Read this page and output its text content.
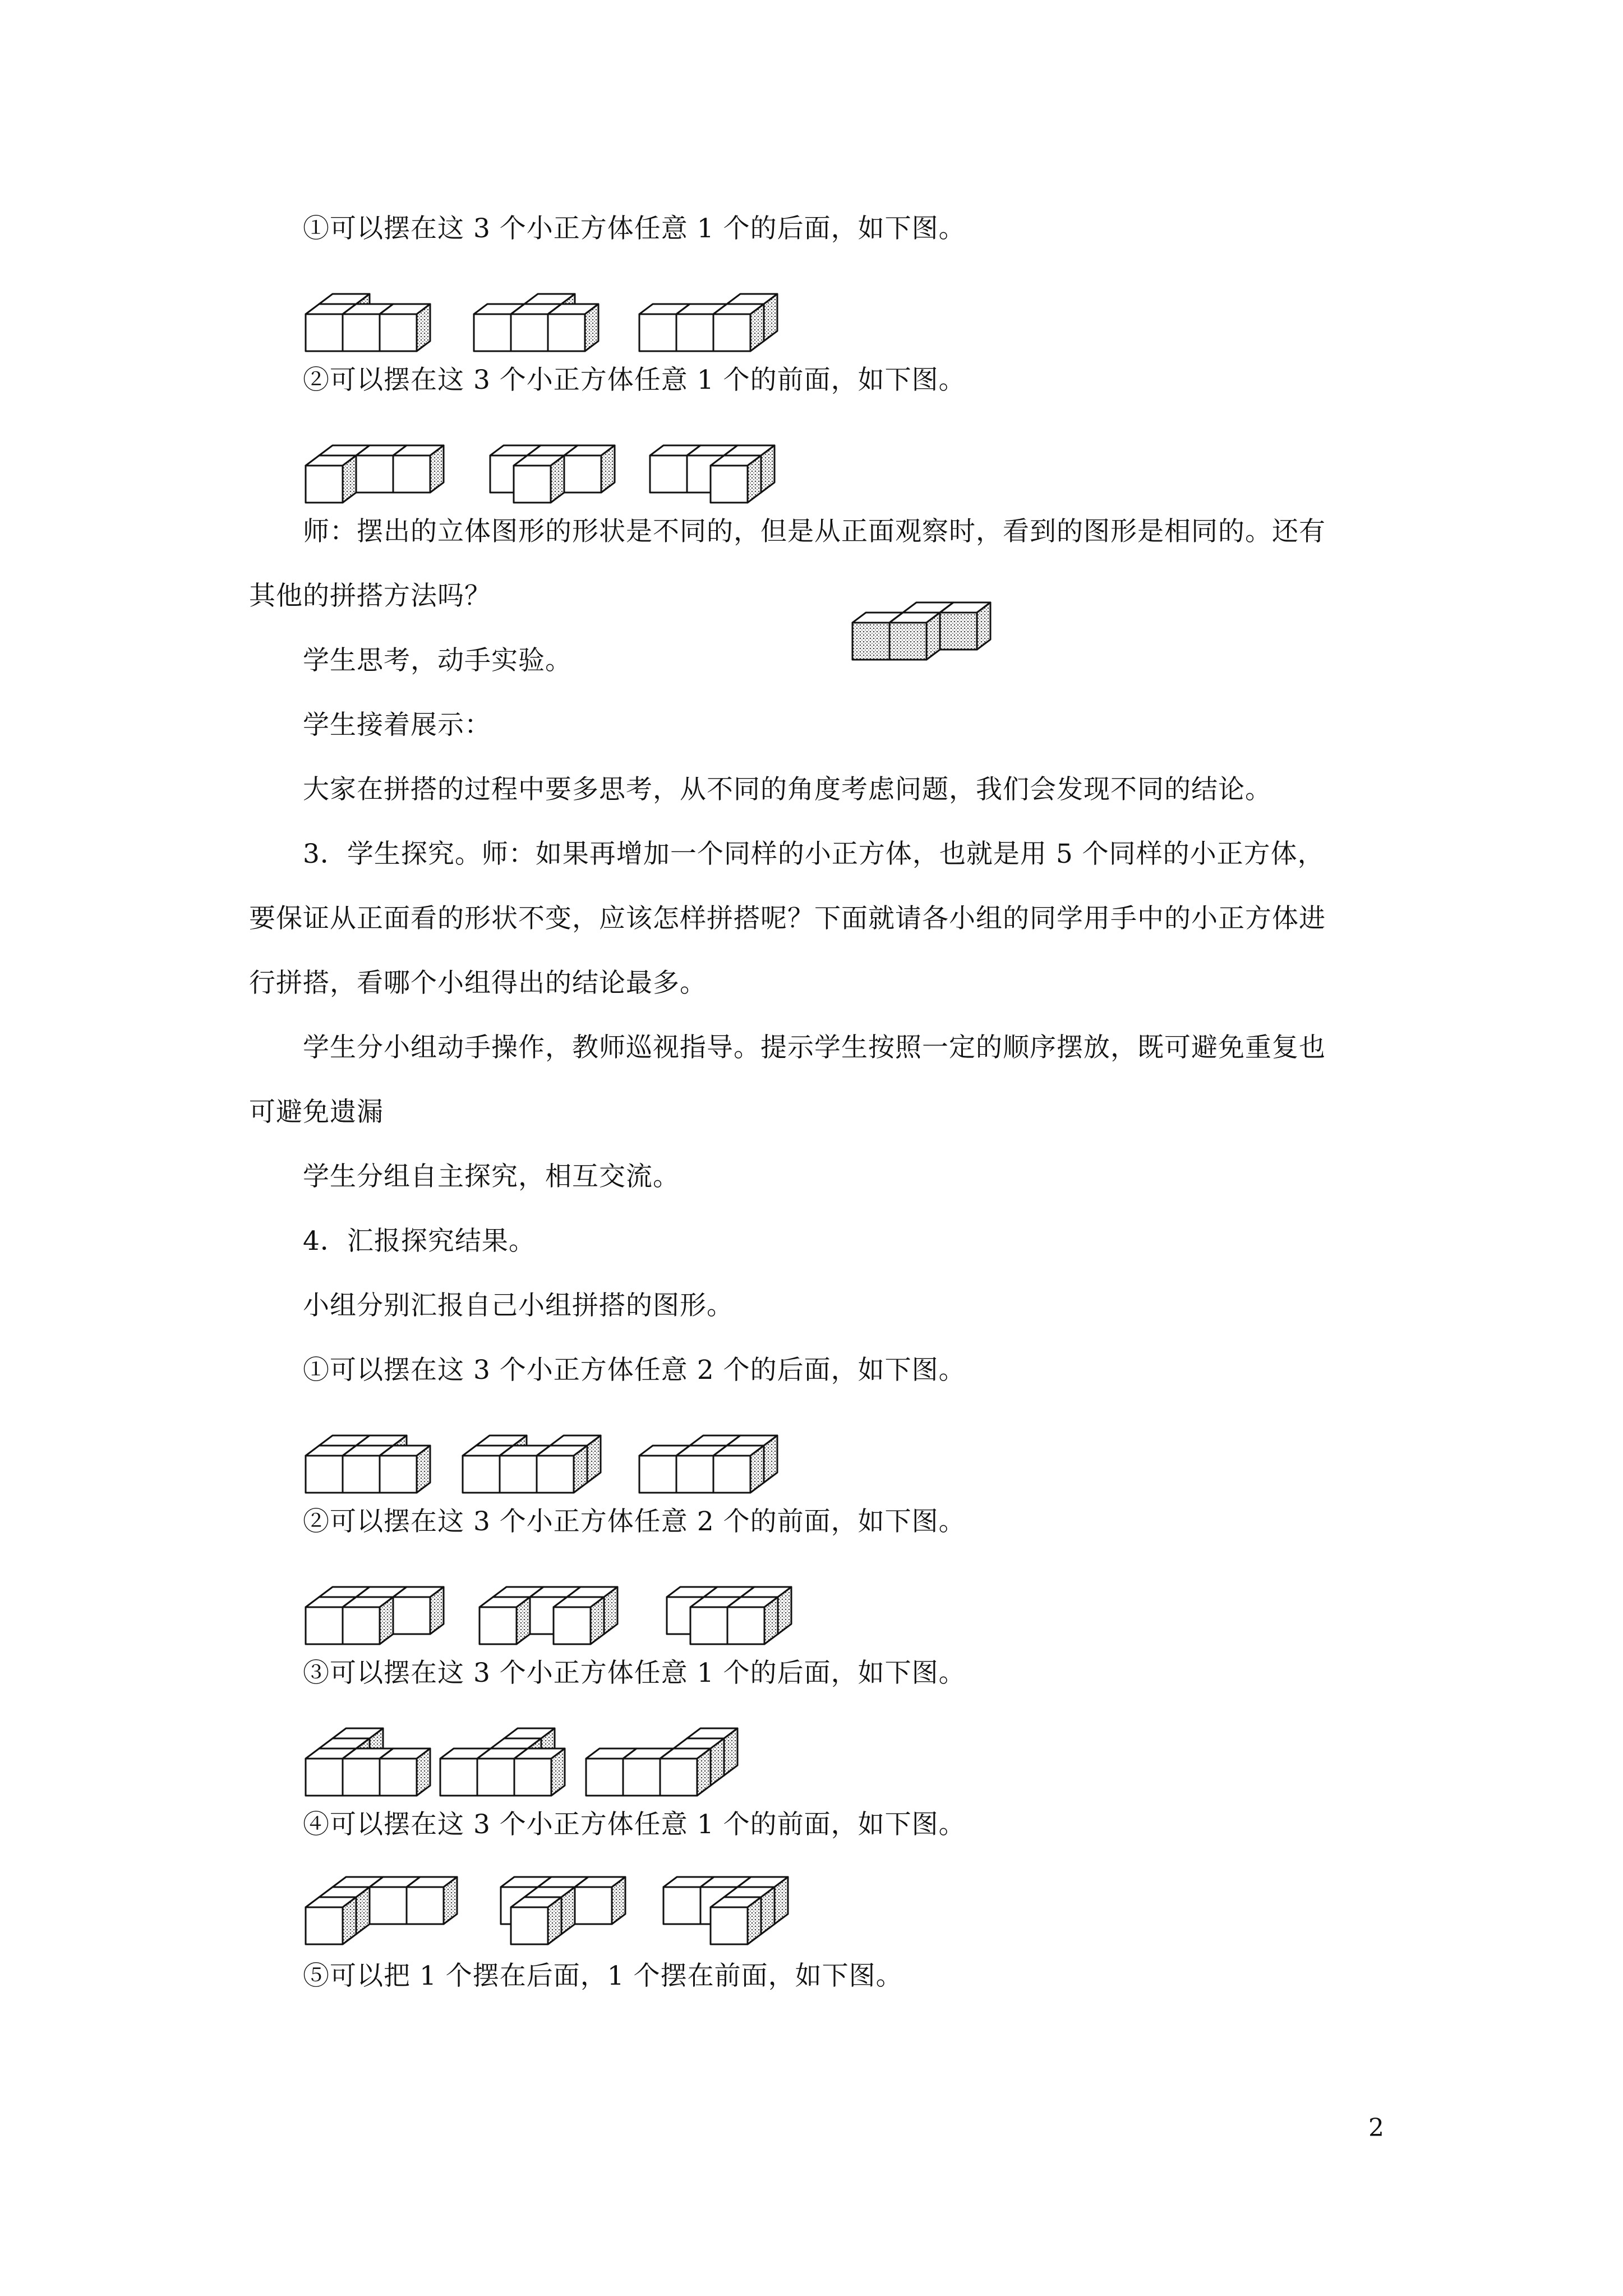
①可以摆在这 3 个小正方体任意 1 个的后面，如下图。
②可以摆在这 3 个小正方体任意 1 个的前面，如下图。
师：摆出的立体图形的形状是不同的，但是从正面观察时，看到的图形是相同的。还有
其他的拼搭方法吗？
学生思考，动手实验。
学生接着展示：
大家在拼搭的过程中要多思考，从不同的角度考虑问题，我们会发现不同的结论。
3．学生探究。师：如果再增加一个同样的小正方体，也就是用 5 个同样的小正方体，
要保证从正面看的形状不变，应该怎样拼搭呢？下面就请各小组的同学用手中的小正方体进
行拼搭，看哪个小组得出的结论最多。
学生分小组动手操作，教师巡视指导。提示学生按照一定的顺序摆放，既可避免重复也
可避免遗漏
学生分组自主探究，相互交流。
4．汇报探究结果。
小组分别汇报自己小组拼搭的图形。
①可以摆在这 3 个小正方体任意 2 个的后面，如下图。
②可以摆在这 3 个小正方体任意 2 个的前面，如下图。
③可以摆在这 3 个小正方体任意 1 个的后面，如下图。
④可以摆在这 3 个小正方体任意 1 个的前面，如下图。
⑤可以把 1 个摆在后面，1 个摆在前面，如下图。
2
